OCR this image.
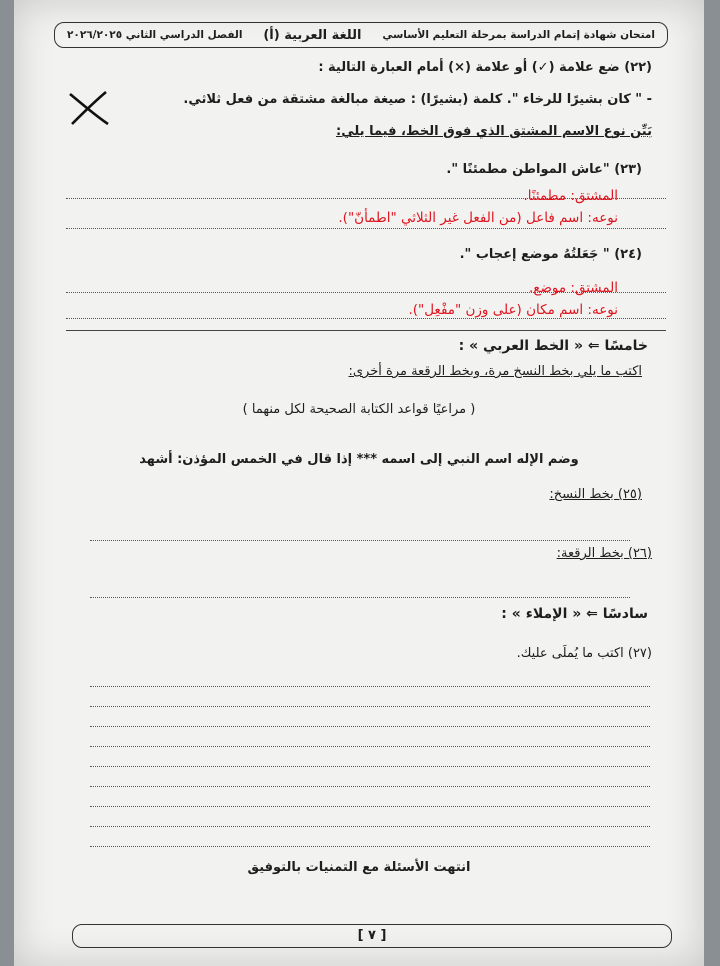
امتحان شهادة إتمام الدراسة بمرحلة التعليم الأساسي
اللغة العربية (أ)
الفصل الدراسي الثاني ٢٠٢٦/٢٠٢٥
(٢٢) ضع علامة (✓) أو علامة (×) أمام العبارة التالية :
- " كان بشيرًا للرخاء ". كلمة (بشيرًا) : صيغة مبالغة مشتقة من فعل ثلاثي.
بَيِّن نوع الاسم المشتق الذي فوق الخط، فيما يلي:
(٢٣) "عاش المواطن مطمئنًا ".
المشتق: مطمئنًا.
نوعه: اسم فاعل (من الفعل غير الثلاثي "اطمأنّ").
(٢٤) " جَعَلتُهُ موضع إعجاب ".
المشتق: موضع.
نوعه: اسم مكان (على وزن "مفْعِل").
خامسًا ⇐ « الخط العربي » :
اكتب ما يلي بخط النسخ مرة، وبخط الرقعة مرة أخرى:
( مراعيًا قواعد الكتابة الصحيحة لكل منهما )
وضم الإله اسم النبي إلى اسمه *** إذا قال في الخمس المؤذن: أشهد
(٢٥) بخط النسخ:
(٢٦) بخط الرقعة:
سادسًا ⇐ « الإملاء » :
(٢٧) اكتب ما يُملَى عليك.
انتهت الأسئلة مع التمنيات بالتوفيق
[ ٧ ]
